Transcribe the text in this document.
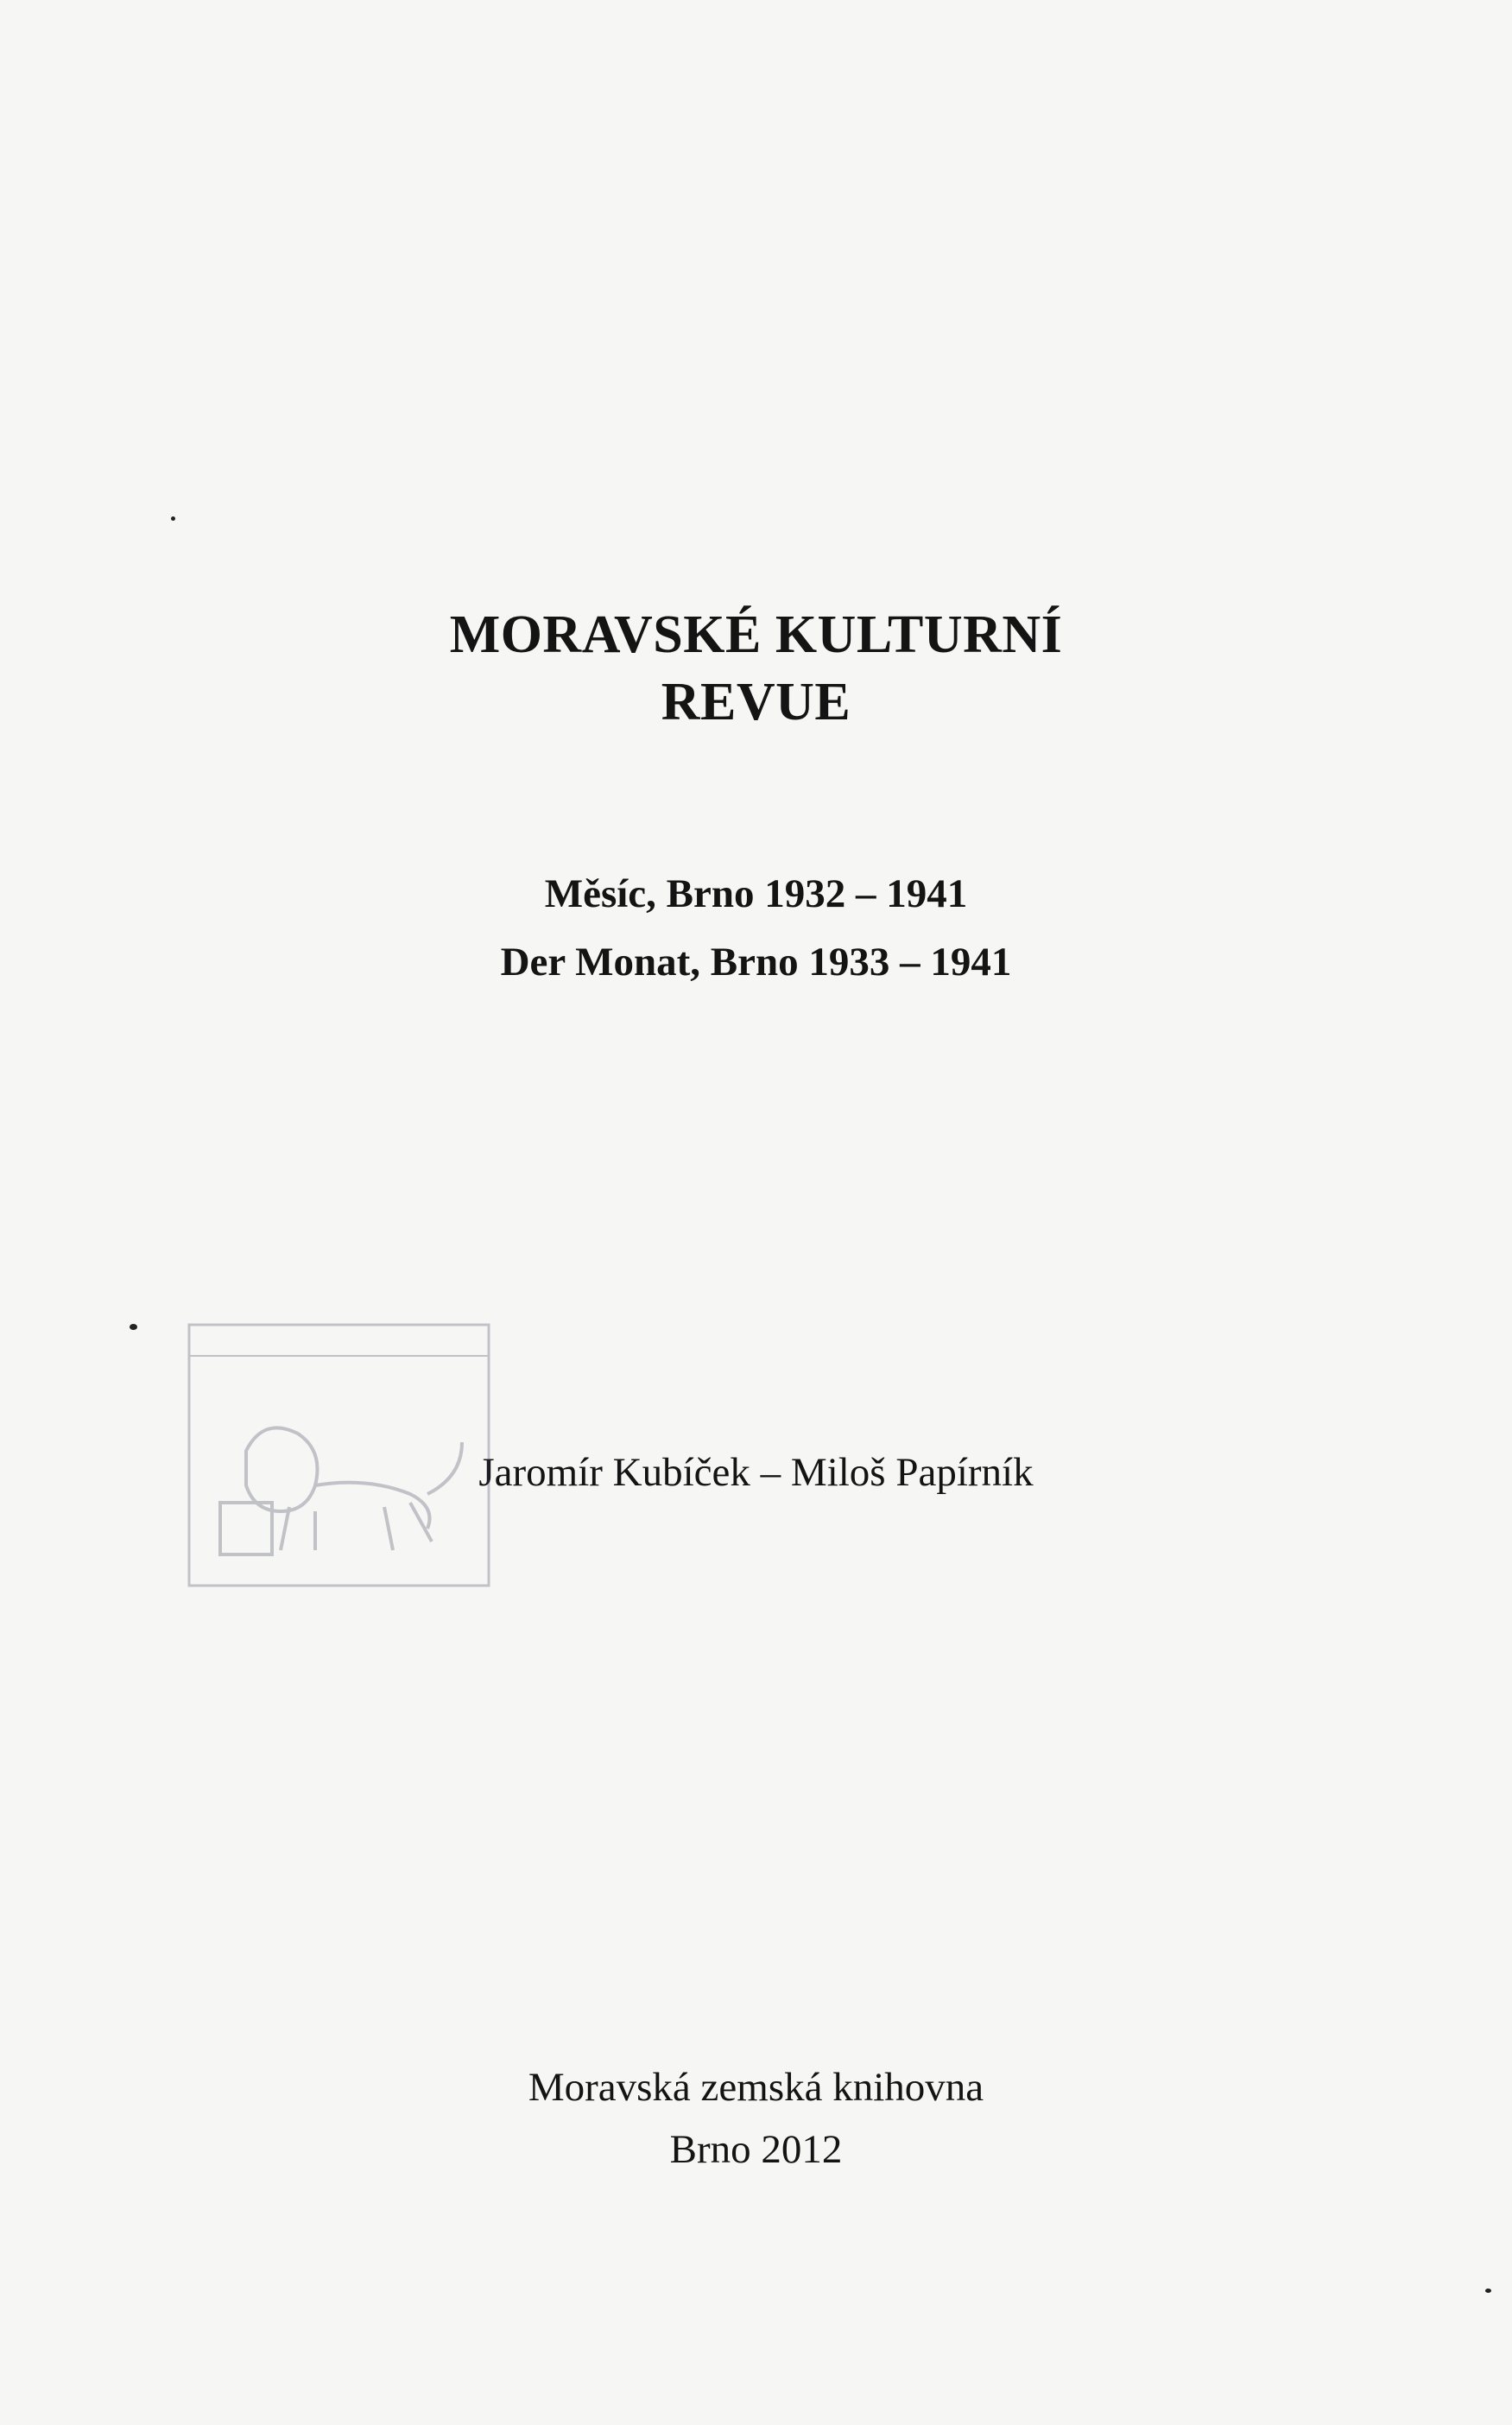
MORAVSKÉ KULTURNÍ
REVUE

Měsíc, Brno 1932 – 1941

Der Monat, Brno 1933 – 1941

Jaromír Kubíček – Miloš Papírník

Moravská zemská knihovna

Brno 2012
